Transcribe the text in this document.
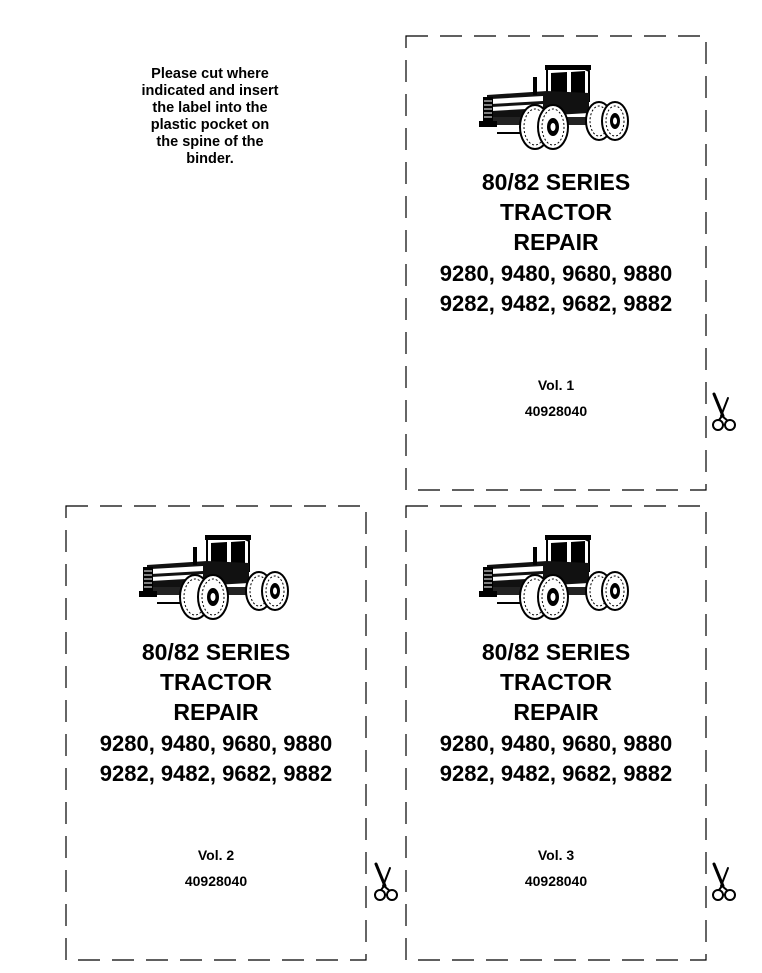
Please cut where
indicated and insert
the label into the
plastic pocket on
the spine of the
binder.
80/82 SERIES
TRACTOR
REPAIR
9280, 9480, 9680, 9880
9282, 9482, 9682, 9882
Vol. 1
40928040
80/82 SERIES
TRACTOR
REPAIR
9280, 9480, 9680, 9880
9282, 9482, 9682, 9882
Vol. 2
40928040
80/82 SERIES
TRACTOR
REPAIR
9280, 9480, 9680, 9880
9282, 9482, 9682, 9882
Vol. 3
40928040
